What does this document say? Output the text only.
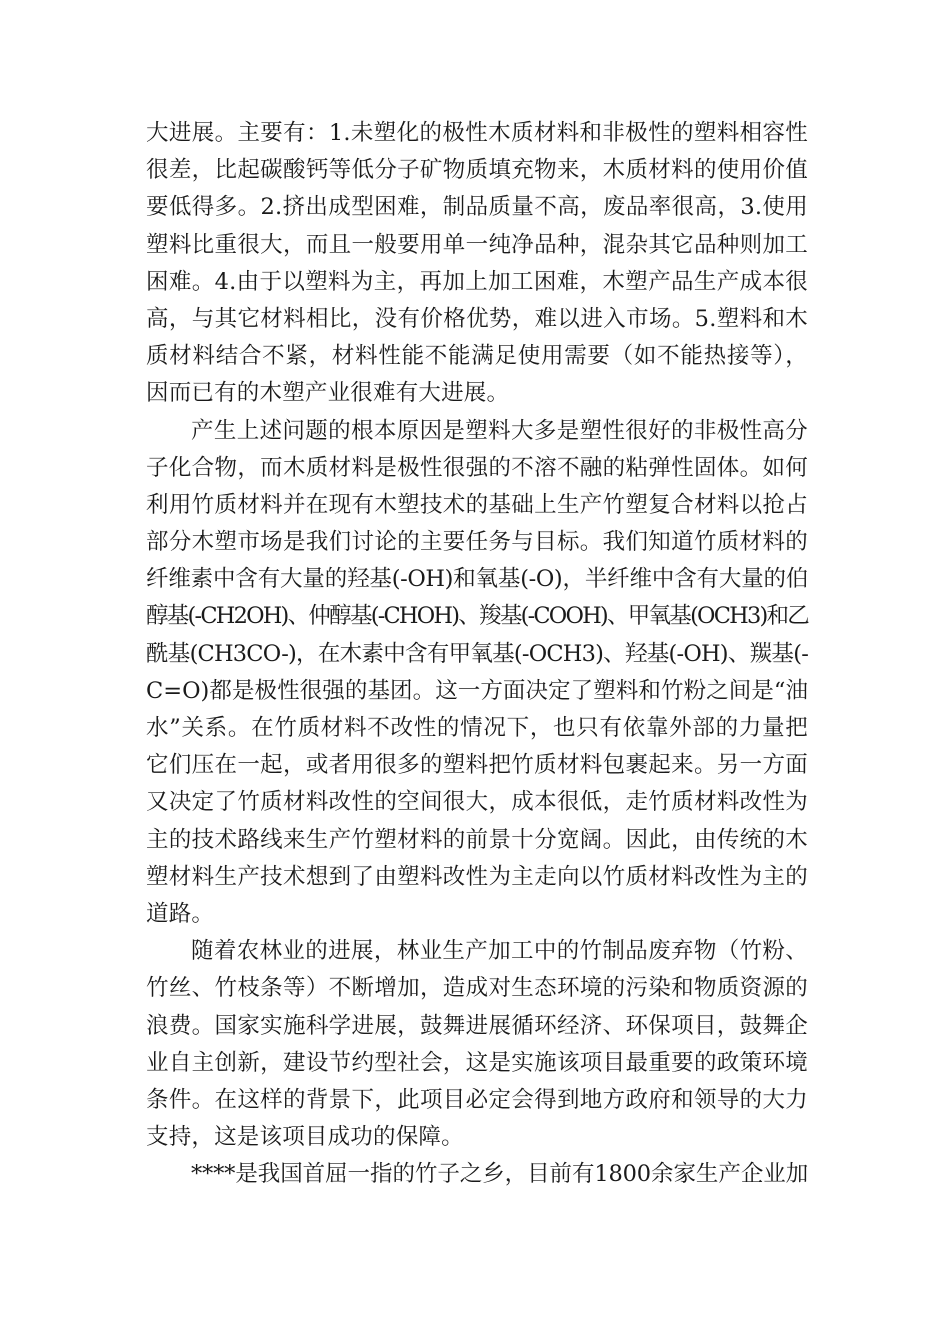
大进展。主要有：1.未塑化的极性木质材料和非极性的塑料相容性
很差，比起碳酸钙等低分子矿物质填充物来，木质材料的使用价值
要低得多。2.挤出成型困难，制品质量不高，废品率很高，3.使用
塑料比重很大，而且一般要用单一纯净品种，混杂其它品种则加工
困难。4.由于以塑料为主，再加上加工困难，木塑产品生产成本很
高，与其它材料相比，没有价格优势，难以进入市场。5.塑料和木
质材料结合不紧，材料性能不能满足使用需要（如不能热接等），
因而已有的木塑产业很难有大进展。
产生上述问题的根本原因是塑料大多是塑性很好的非极性高分
子化合物，而木质材料是极性很强的不溶不融的粘弹性固体。如何
利用竹质材料并在现有木塑技术的基础上生产竹塑复合材料以抢占
部分木塑市场是我们讨论的主要任务与目标。我们知道竹质材料的
纤维素中含有大量的羟基(-OH)和氧基(-O)，半纤维中含有大量的伯
醇基(-CH2OH)、仲醇基(-CHOH)、羧基(-COOH)、甲氧基(OCH3)和乙
酰基(CH3CO-)，在木素中含有甲氧基(-OCH3)、羟基(-OH)、羰基(-
C=O)都是极性很强的基团。这一方面决定了塑料和竹粉之间是“油
水”关系。在竹质材料不改性的情况下，也只有依靠外部的力量把
它们压在一起，或者用很多的塑料把竹质材料包裹起来。另一方面
又决定了竹质材料改性的空间很大，成本很低，走竹质材料改性为
主的技术路线来生产竹塑材料的前景十分宽阔。因此，由传统的木
塑材料生产技术想到了由塑料改性为主走向以竹质材料改性为主的
道路。
随着农林业的进展，林业生产加工中的竹制品废弃物（竹粉、
竹丝、竹枝条等）不断增加，造成对生态环境的污染和物质资源的
浪费。国家实施科学进展，鼓舞进展循环经济、环保项目，鼓舞企
业自主创新，建设节约型社会，这是实施该项目最重要的政策环境
条件。在这样的背景下，此项目必定会得到地方政府和领导的大力
支持，这是该项目成功的保障。
****是我国首屈一指的竹子之乡，目前有1800余家生产企业加
